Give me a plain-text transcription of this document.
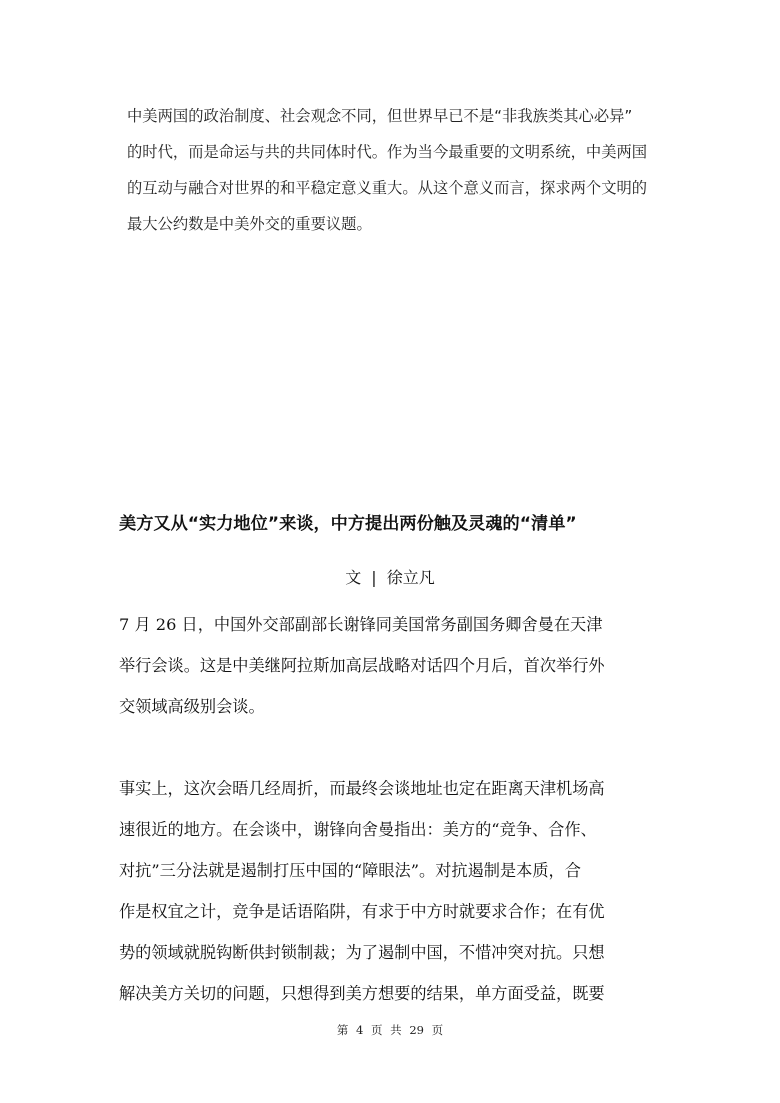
中美两国的政治制度、社会观念不同，但世界早已不是“非我族类其心必异”
的时代，而是命运与共的共同体时代。作为当今最重要的文明系统，中美两国
的互动与融合对世界的和平稳定意义重大。从这个意义而言，探求两个文明的
最大公约数是中美外交的重要议题。
美方又从“实力地位”来谈，中方提出两份触及灵魂的“清单”
文 | 徐立凡
7 月 26 日，中国外交部副部长谢锋同美国常务副国务卿舍曼在天津
举行会谈。这是中美继阿拉斯加高层战略对话四个月后，首次举行外
交领域高级别会谈。
事实上，这次会晤几经周折，而最终会谈地址也定在距离天津机场高
速很近的地方。在会谈中，谢锋向舍曼指出：美方的“竞争、合作、
对抗”三分法就是遏制打压中国的“障眼法”。对抗遏制是本质，合
作是权宜之计，竞争是话语陷阱，有求于中方时就要求合作；在有优
势的领域就脱钩断供封锁制裁；为了遏制中国，不惜冲突对抗。只想
解决美方关切的问题，只想得到美方想要的结果，单方面受益，既要
第 4 页 共 29 页
